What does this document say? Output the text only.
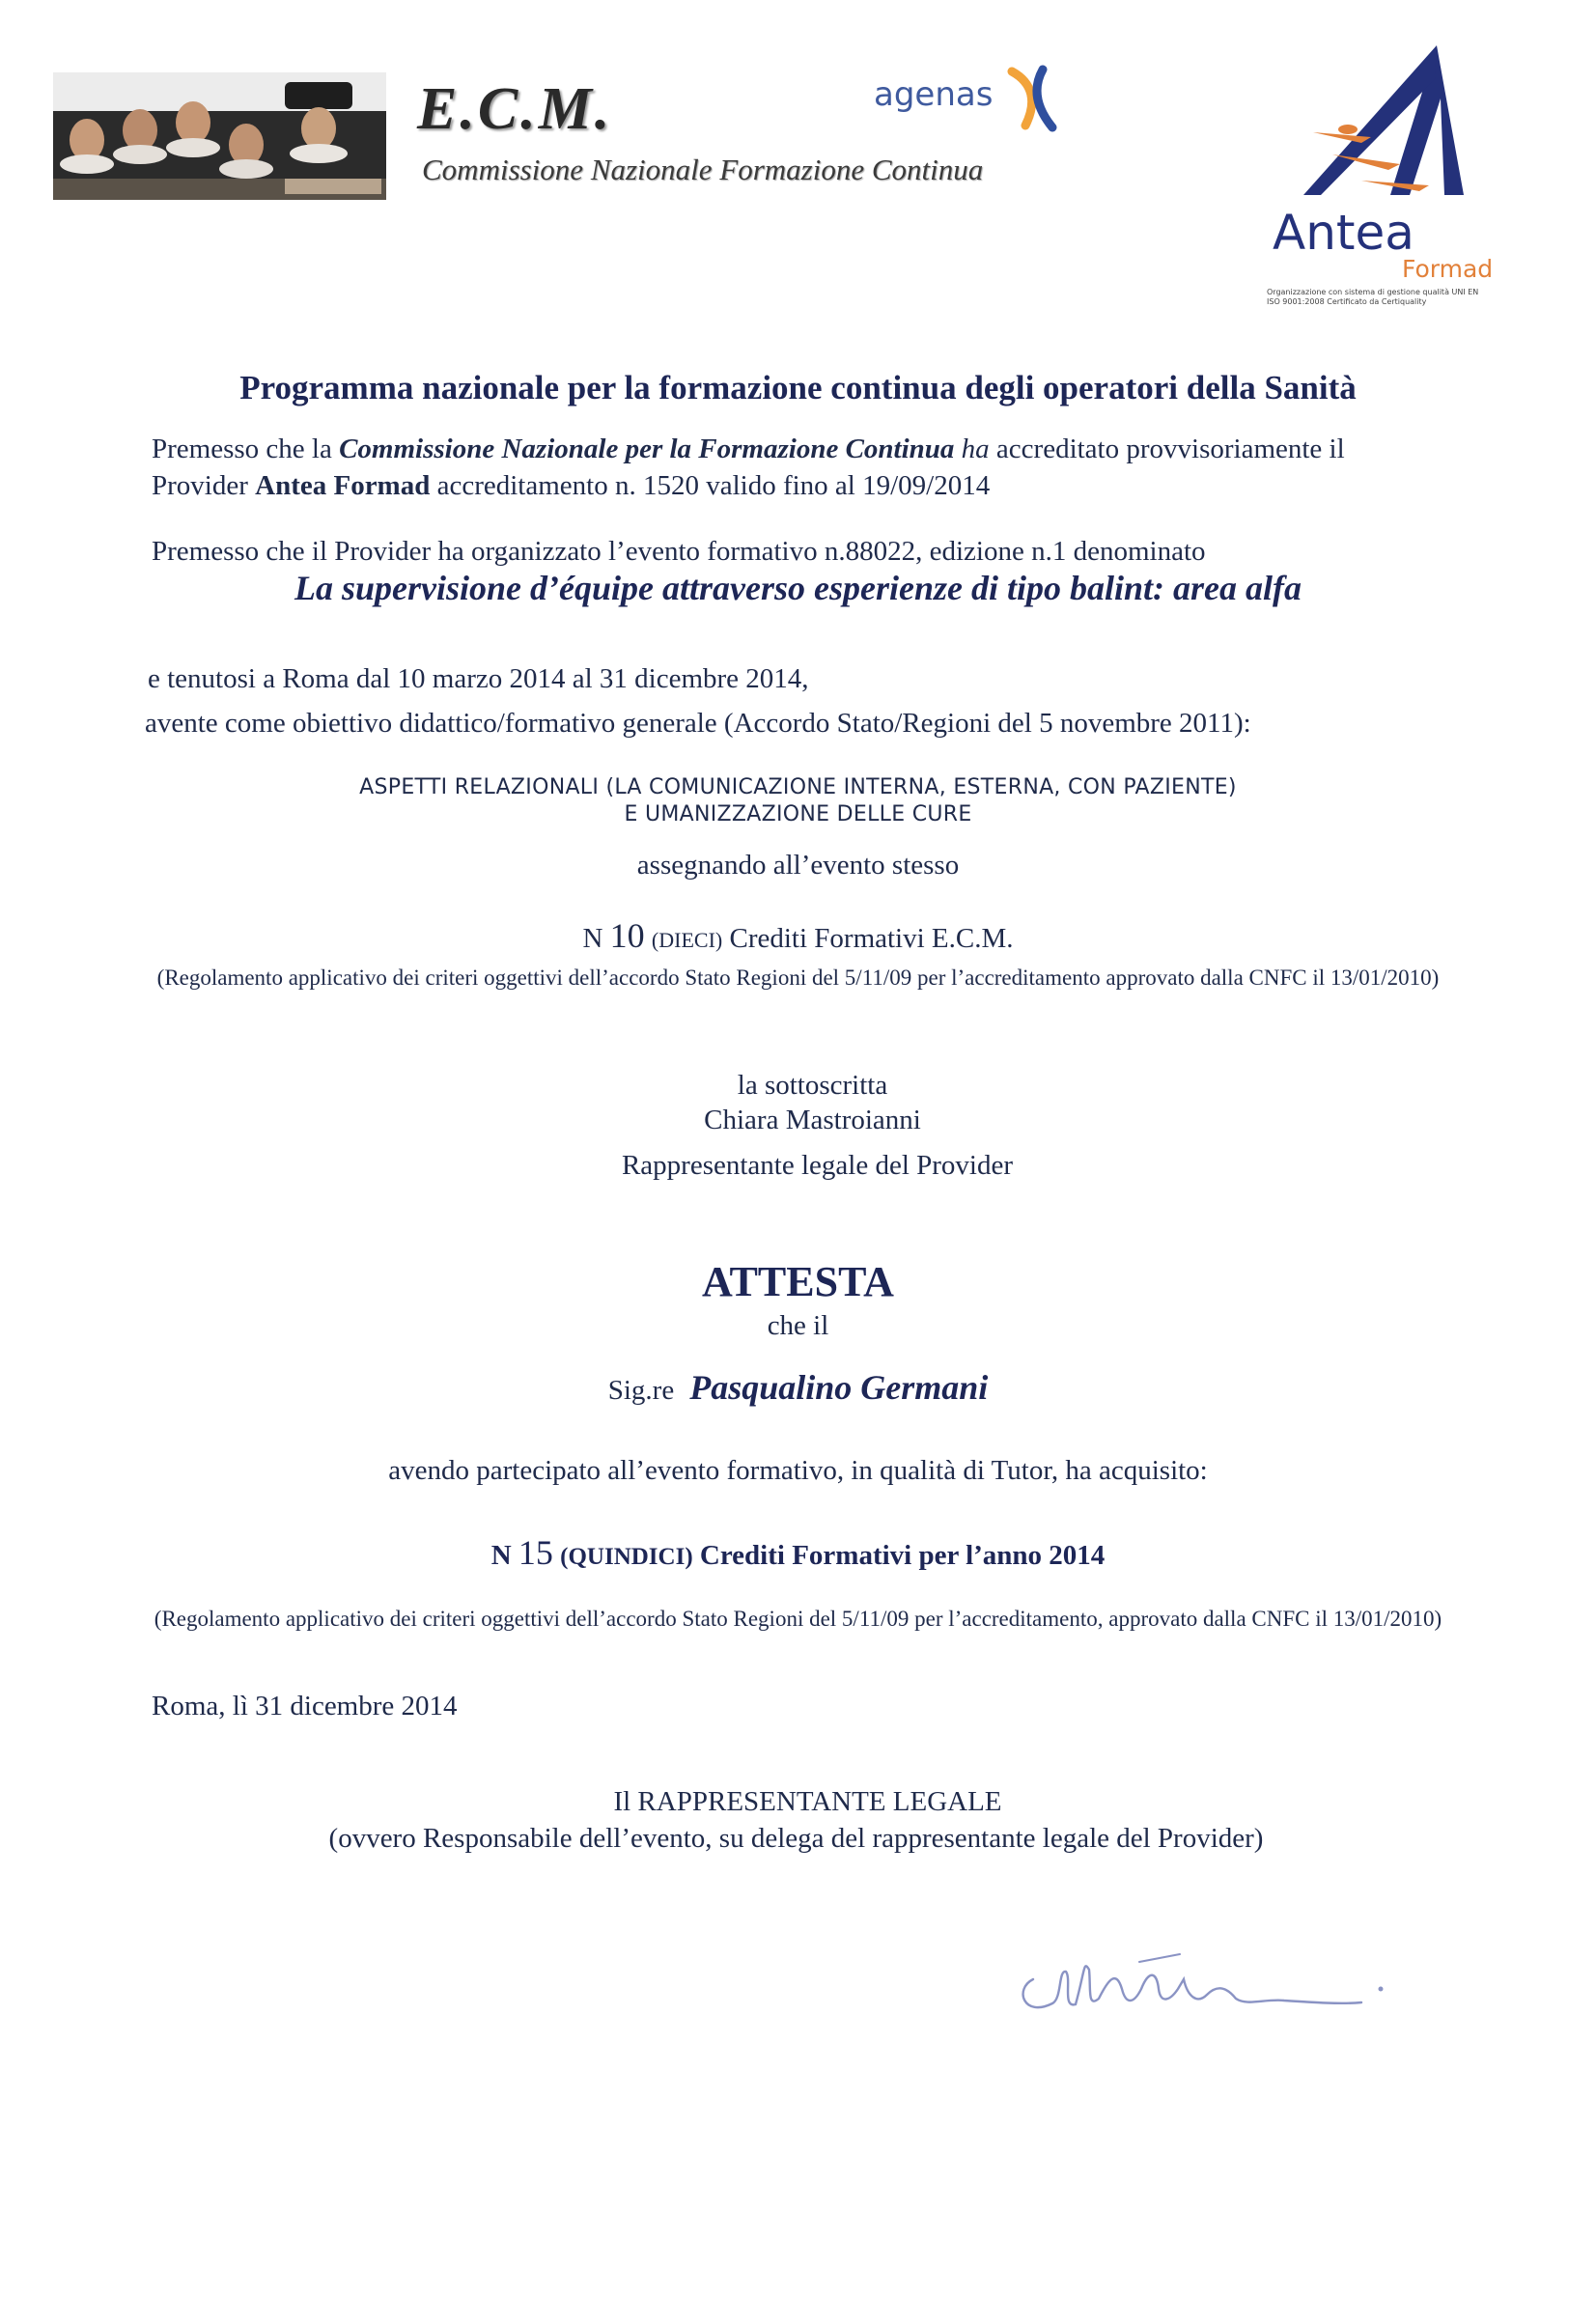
E.C.M.
Commissione Nazionale Formazione Continua
agenas
Antea
Formad
Organizzazione con sistema di gestione qualità UNI EN ISO 9001:2008 Certificato da Certiquality
Programma nazionale per la formazione continua degli operatori della Sanità
Premesso che la Commissione Nazionale per la Formazione Continua ha accreditato provvisoriamente il
Provider Antea Formad accreditamento n. 1520 valido fino al 19/09/2014
Premesso che il Provider ha organizzato l’evento formativo n.88022, edizione n.1 denominato
La supervisione d’équipe attraverso esperienze di tipo balint: area alfa
e tenutosi a Roma dal 10 marzo 2014 al 31 dicembre 2014,
avente come obiettivo didattico/formativo generale (Accordo Stato/Regioni del 5 novembre 2011):
ASPETTI RELAZIONALI (LA COMUNICAZIONE INTERNA, ESTERNA, CON PAZIENTE)
E UMANIZZAZIONE DELLE CURE
assegnando all’evento stesso
N 10 (DIECI) Crediti Formativi E.C.M.
(Regolamento applicativo dei criteri oggettivi dell’accordo Stato Regioni del 5/11/09 per l’accreditamento approvato dalla CNFC il 13/01/2010)
la sottoscritta
Chiara Mastroianni
Rappresentante legale del Provider
ATTESTA
che il
Sig.re Pasqualino Germani
avendo partecipato all’evento formativo, in qualità di Tutor, ha acquisito:
N 15 (QUINDICI) Crediti Formativi per l’anno 2014
(Regolamento applicativo dei criteri oggettivi dell’accordo Stato Regioni del 5/11/09 per l’accreditamento, approvato dalla CNFC il 13/01/2010)
Roma, lì 31 dicembre 2014
Il RAPPRESENTANTE LEGALE
(ovvero Responsabile dell’evento, su delega del rappresentante legale del Provider)
